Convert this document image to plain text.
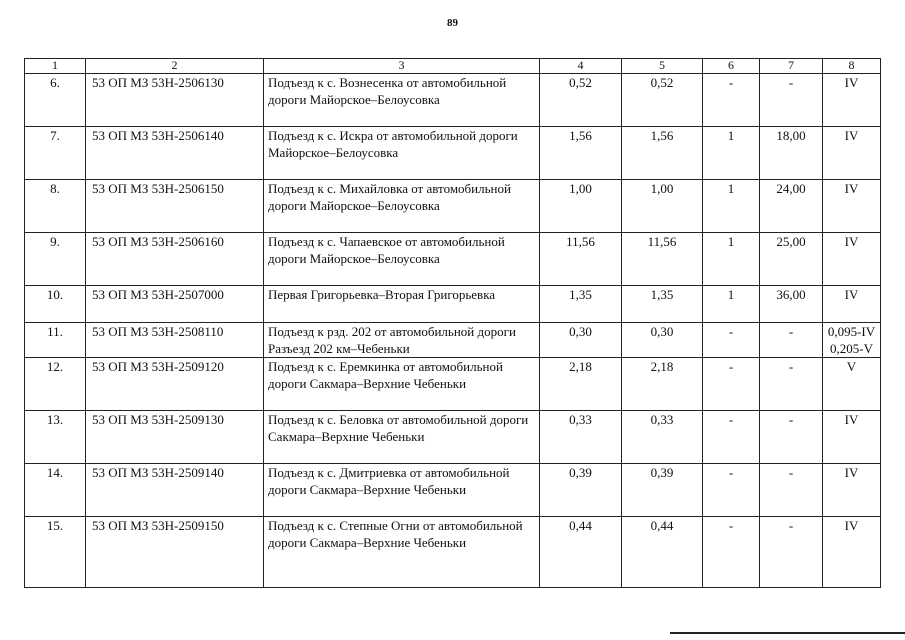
89
1	2	3	4	5	6	7	8
6.	53 ОП МЗ 53Н-2506130	Подъезд к с. Вознесенка от автомобильной дороги Майорское–Белоусовка	0,52	0,52	-	-	IV
7.	53 ОП МЗ 53Н-2506140	Подъезд к с. Искра от автомобильной дороги Майорское–Белоусовка	1,56	1,56	1	18,00	IV
8.	53 ОП МЗ 53Н-2506150	Подъезд к с. Михайловка от автомобильной дороги Майорское–Белоусовка	1,00	1,00	1	24,00	IV
9.	53 ОП МЗ 53Н-2506160	Подъезд к с. Чапаевское от автомобильной дороги Майорское–Белоусовка	11,56	11,56	1	25,00	IV
10.	53 ОП МЗ 53Н-2507000	Первая Григорьевка–Вторая Григорьевка	1,35	1,35	1	36,00	IV
11.	53 ОП МЗ 53Н-2508110	Подъезд к рзд. 202 от автомобильной дороги Разъезд 202 км–Чебеньки	0,30	0,30	-	-	0,095-IV 0,205-V
12.	53 ОП МЗ 53Н-2509120	Подъезд к с. Еремкинка от автомобильной дороги Сакмара–Верхние Чебеньки	2,18	2,18	-	-	V
13.	53 ОП МЗ 53Н-2509130	Подъезд к с. Беловка от автомобильной дороги Сакмара–Верхние Чебеньки	0,33	0,33	-	-	IV
14.	53 ОП МЗ 53Н-2509140	Подъезд к с. Дмитриевка от автомобильной дороги Сакмара–Верхние Чебеньки	0,39	0,39	-	-	IV
15.	53 ОП МЗ 53Н-2509150	Подъезд к с. Степные Огни от автомобильной дороги Сакмара–Верхние Чебеньки	0,44	0,44	-	-	IV
